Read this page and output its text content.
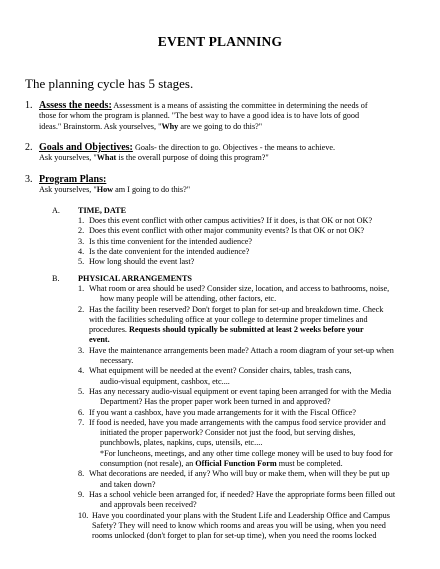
EVENT PLANNING
The planning cycle has 5 stages.
1. Assess the needs: Assessment is a means of assisting the committee in determining the needs of
those for whom the program is planned. "The best way to have a good idea is to have lots of good
ideas." Brainstorm. Ask yourselves, "Why are we going to do this?"
2. Goals and Objectives: Goals- the direction to go. Objectives - the means to achieve.
Ask yourselves, "What is the overall purpose of doing this program?"
3. Program Plans:
Ask yourselves, "How am I going to do this?"
A. TIME, DATE
1. Does this event conflict with other campus activities? If it does, is that OK or not OK?
2. Does this event conflict with other major community events? Is that OK or not OK?
3. Is this time convenient for the intended audience?
4. Is the date convenient for the intended audience?
5. How long should the event last?
B. PHYSICAL ARRANGEMENTS
1. What room or area should be used? Consider size, location, and access to bathrooms, noise,
how many people will be attending, other factors, etc.
2. Has the facility been reserved? Don't forget to plan for set-up and breakdown time. Check
with the facilities scheduling office at your college to determine proper timelines and
procedures. Requests should typically be submitted at least 2 weeks before your
event.
3. Have the maintenance arrangements been made? Attach a room diagram of your set-up when
necessary.
4. What equipment will be needed at the event? Consider chairs, tables, trash cans,
audio-visual equipment, cashbox, etc....
5. Has any necessary audio-visual equipment or event taping been arranged for with the Media
Department? Has the proper paper work been turned in and approved?
6. If you want a cashbox, have you made arrangements for it with the Fiscal Office?
7. If food is needed, have you made arrangements with the campus food service provider and
initiated the proper paperwork? Consider not just the food, but serving dishes,
punchbowls, plates, napkins, cups, utensils, etc....
*For luncheons, meetings, and any other time college money will be used to buy food for
consumption (not resale), an Official Function Form must be completed.
8. What decorations are needed, if any? Who will buy or make them, when will they be put up
and taken down?
9. Has a school vehicle been arranged for, if needed? Have the appropriate forms been filled out
and approvals been received?
10. Have you coordinated your plans with the Student Life and Leadership Office and Campus
Safety? They will need to know which rooms and areas you will be using, when you need
rooms unlocked (don't forget to plan for set-up time), when you need the rooms locked
